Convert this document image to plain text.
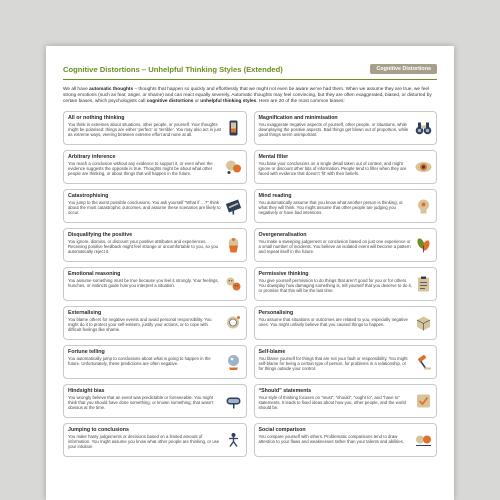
Cognitive Distortions – Unhelpful Thinking Styles (Extended)	Cognitive Distortions

We all have automatic thoughts – thoughts that happen so quickly and effortlessly that we might not even be aware we’ve had them. When we assume they are true, we feel strong emotions (such as fear, anger, or shame) and can react equally severely. Automatic thoughts may feel convincing, but they are often exaggerated, biased, or distorted by certain biases, which psychologists call cognitive distortions or unhelpful thinking styles. Here are 20 of the most common biases:

All or nothing thinking
You think in extremes about situations, other people, or yourself. Your thoughts might be polarised: things are either ‘perfect’ or ‘terrible’. You may also act in just as extreme ways, veering between extreme effort and none at all.
Magnification and minimisation
You exaggerate negative aspects of yourself, other people, or situations, while downplaying the positive aspects. Bad things get blown out of proportion, while good things seem unimportant.
Arbitrary inference
You reach a conclusion without any evidence to support it, or even when the evidence suggests the opposite is true. Thoughts might be about what other people are thinking, or about things that will happen in the future.
Mental filter
You base your conclusions on a single detail taken out of context, and might ignore or discount other bits of information. People tend to filter when they are faced with evidence that doesn’t ‘fit’ with their beliefs.
Catastrophising
You jump to the worst possible conclusions. You ask yourself “What if …?” think about the most catastrophic outcomes, and assume these scenarios are likely to occur.
Mind reading
You automatically assume that you know what another person is thinking, or what they will think. You might assume that other people are judging you negatively or have bad intentions.
Disqualifying the positive
You ignore, dismiss, or discount your positive attributes and experiences. Receiving positive feedback might feel strange or uncomfortable to you, so you automatically reject it.
Overgeneralisation
You make a sweeping judgement or conclusion based on just one experience or a small number of incidents. You believe an isolated event will become a pattern and repeat itself in the future.
Emotional reasoning
You assume something must be true because you feel it strongly. Your feelings, hunches, or instincts guide how you interpret a situation.
Permissive thinking
You give yourself permission to do things that aren’t good for you or for others. You downplay how damaging something is, tell yourself that you deserve to do it, or promise that this will be the last time.
Externalising
You blame others for negative events and avoid personal responsibility. You might do it to protect your self-esteem, justify your actions, or to cope with difficult feelings like shame.
Personalising
You assume that situations or outcomes are related to you, especially negative ones. You might unfairly believe that you caused things to happen.
Fortune telling
You automatically jump to conclusions about what is going to happen in the future. Unfortunately, these predictions are often negative.
Self-blame
You blame yourself for things that are not your fault or responsibility. You might self-blame for being a certain type of person, for problems in a relationship, or for things outside your control.
Hindsight bias
You wrongly believe that an event was predictable or foreseeable. You might think that you should have done something, or known something, that wasn’t obvious at the time.
“Should” statements
Your style of thinking focuses on “must”, “should”, “ought to”, and “have to” statements. It leads to fixed ideas about how you, other people, and the world should be.
Jumping to conclusions
You make hasty judgements or decisions based on a limited amount of information. You might assume you know what other people are thinking, or use your intuition
Social comparison
You compare yourself with others. Problematic comparisons tend to draw attention to your flaws and weaknesses rather than your talents and abilities.
